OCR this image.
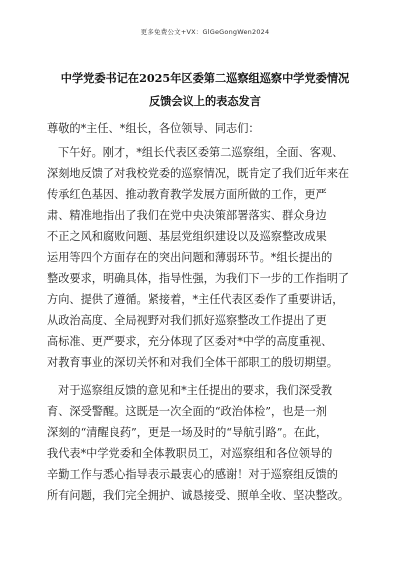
更多免费公文+VX：GlGeGongWen2024
中学党委书记在2025年区委第二巡察组巡察中学党委情况
反馈会议上的表态发言
尊敬的*主任、*组长，各位领导、同志们：
下午好。刚才，*组长代表区委第二巡察组，全面、客观、
深刻地反馈了对我校党委的巡察情况，既肯定了我们近年来在
传承红色基因、推动教育教学发展方面所做的工作，更严
肃、精准地指出了我们在党中央决策部署落实、群众身边
不正之风和腐败问题、基层党组织建设以及巡察整改成果
运用等四个方面存在的突出问题和薄弱环节。*组长提出的
整改要求，明确具体，指导性强，为我们下一步的工作指明了
方向、提供了遵循。紧接着，*主任代表区委作了重要讲话，
从政治高度、全局视野对我们抓好巡察整改工作提出了更
高标准、更严要求，充分体现了区委对*中学的高度重视、
对教育事业的深切关怀和对我们全体干部职工的殷切期望。
对于巡察组反馈的意见和*主任提出的要求，我们深受教
育、深受警醒。这既是一次全面的“政治体检”，也是一剂
深刻的“清醒良药”，更是一场及时的“导航引路”。在此，
我代表*中学党委和全体教职员工，对巡察组和各位领导的
辛勤工作与悉心指导表示最衷心的感谢！对于巡察组反馈的
所有问题，我们完全拥护、诚恳接受、照单全收、坚决整改。
